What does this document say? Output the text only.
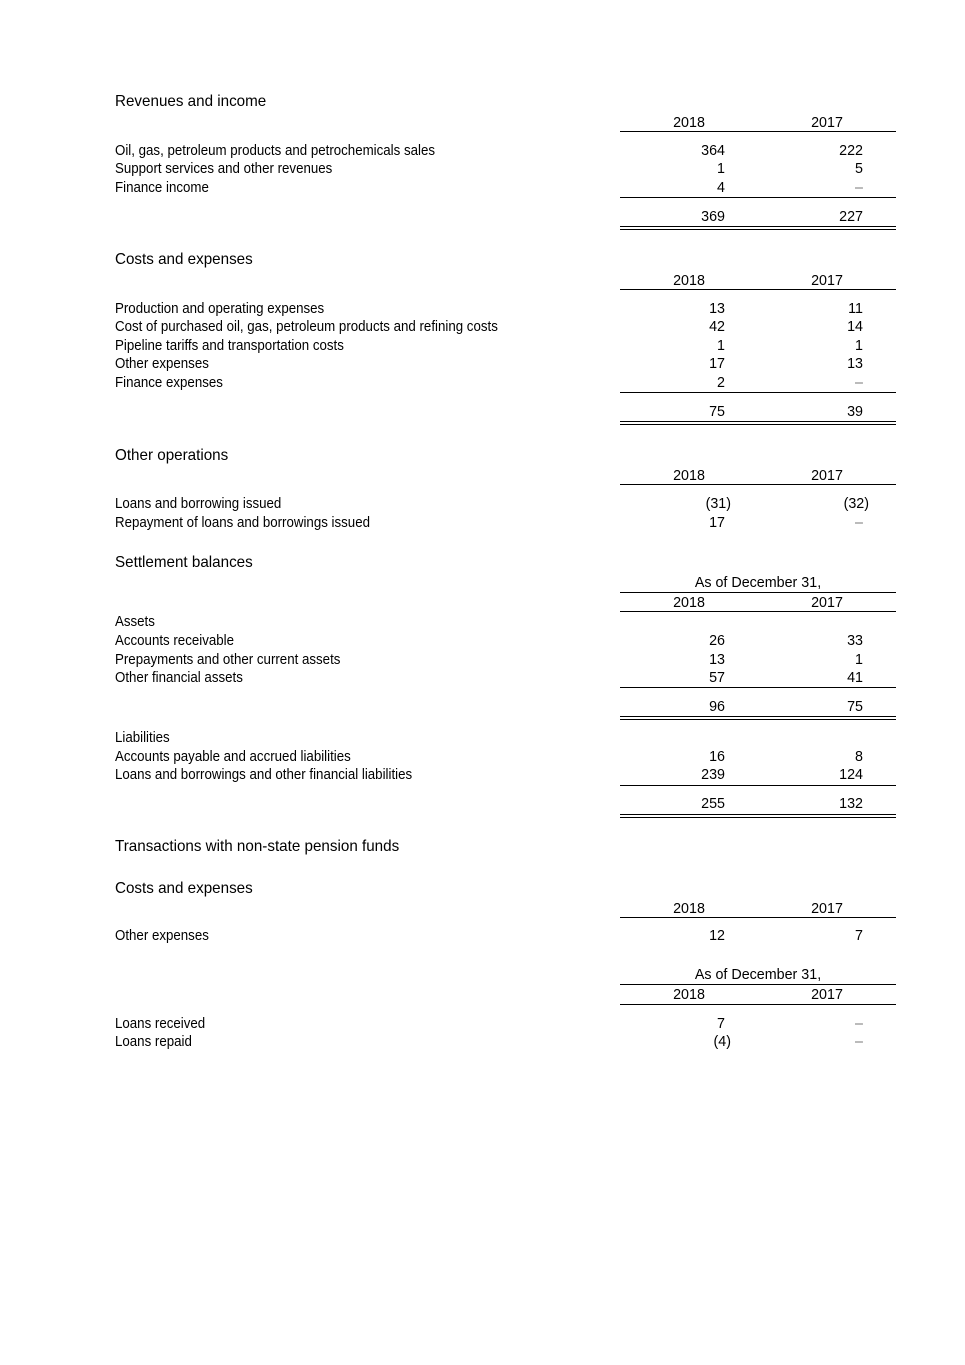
Revenues and income
2018	2017
Oil, gas, petroleum products and petrochemicals sales	364	222
Support services and other revenues	1	5
Finance income	4	–
369	227
Costs and expenses
2018	2017
Production and operating expenses	13	11
Cost of purchased oil, gas, petroleum products and refining costs	42	14
Pipeline tariffs and transportation costs	1	1
Other expenses	17	13
Finance expenses	2	–
75	39
Other operations
2018	2017
Loans and borrowing issued	(31)	(32)
Repayment of loans and borrowings issued	17	–
Settlement balances
As of December 31,
2018	2017
Assets
Accounts receivable	26	33
Prepayments and other current assets	13	1
Other financial assets	57	41
96	75
Liabilities
Accounts payable and accrued liabilities	16	8
Loans and borrowings and other financial liabilities	239	124
255	132
Transactions with non-state pension funds
Costs and expenses
2018	2017
Other expenses	12	7
As of December 31,
2018	2017
Loans received	7	–
Loans repaid	(4)	–
